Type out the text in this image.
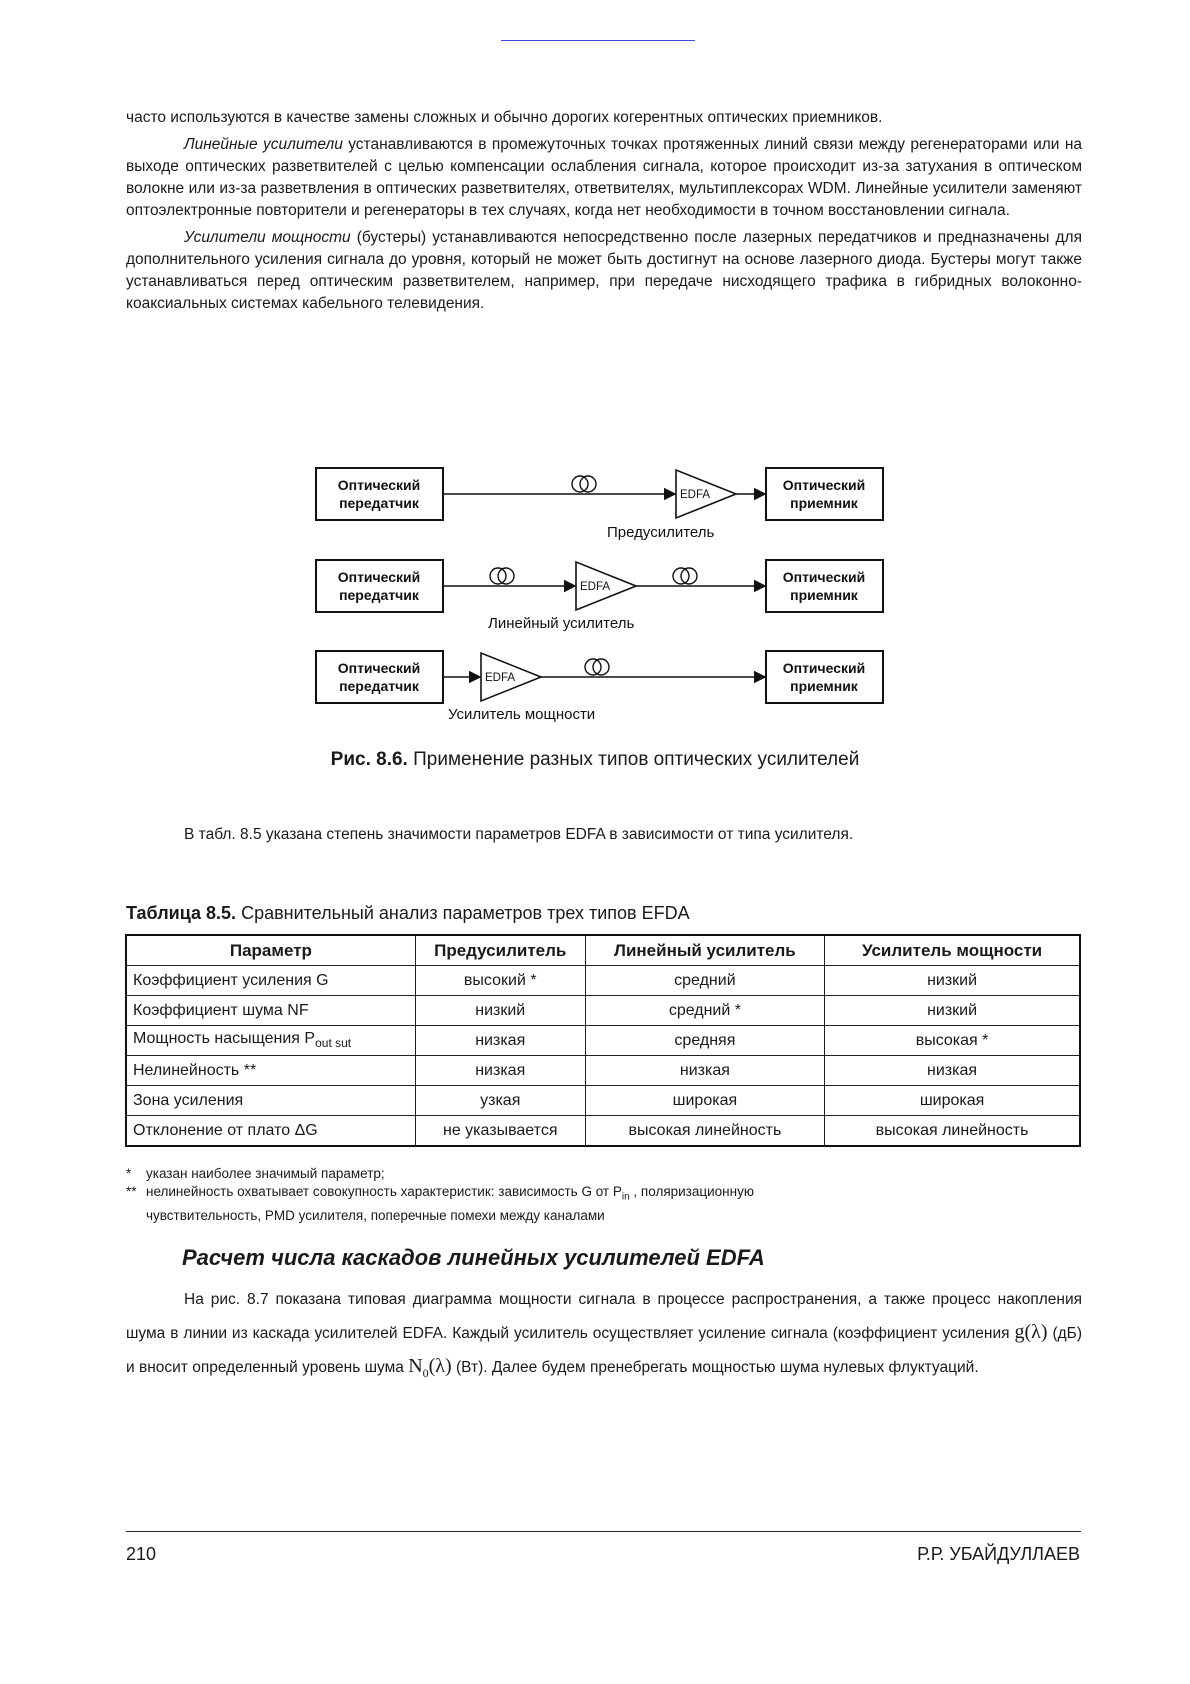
часто используются в качестве замены сложных и обычно дорогих когерентных оптических приемников.

Линейные усилители устанавливаются в промежуточных точках протяженных линий связи между регенераторами или на выходе оптических разветвителей с целью компенсации ослабления сигнала, которое происходит из-за затухания в оптическом волокне или из-за разветвления в оптических разветвителях, ответвителях, мультиплексорах WDM. Линейные усилители заменяют оптоэлектронные повторители и регенераторы в тех случаях, когда нет необходимости в точном восстановлении сигнала.

Усилители мощности (бустеры) устанавливаются непосредственно после лазерных передатчиков и предназначены для дополнительного усиления сигнала до уровня, который не может быть достигнут на основе лазерного диода. Бустеры могут также устанавливаться перед оптическим разветвителем, например, при передаче нисходящего трафика в гибридных волоконно-коаксиальных системах кабельного телевидения.

Оптический
передатчик	EDFA
Оптический
приемник
Предусилитель
Оптический
передатчик	EDFA
Оптический
приемник
Линейный усилитель
Оптический
передатчик	EDFA
Оптический
приемник
Усилитель мощности
Рис. 8.6. Применение разных типов оптических усилителей

В табл. 8.5 указана степень значимости параметров EDFA в зависимости от типа усилителя.

Таблица 8.5. Сравнительный анализ параметров трех типов EFDA
Параметр	Предусилитель	Линейный усилитель	Усилитель мощности
Коэффициент усиления G	высокий *	средний	низкий
Коэффициент шума NF	низкий	средний *	низкий
Мощность насыщения $P_{out sut}$	низкая	средняя	высокая *
Нелинейность **	низкая	низкая	низкая
Зона усиления	узкая	широкая	широкая
Отклонение от плато ΔG	не указывается	высокая линейность	высокая линейность
*	указан наиболее значимый параметр;
** нелинейность охватывает совокупность характеристик: зависимость G от $P_{in}$ , поляризационную
чувствительность, PMD усилителя, поперечные помехи между каналами
Расчет числа каскадов линейных усилителей EDFA

На рис. 8.7 показана типовая диаграмма мощности сигнала в процессе распространения, а также процесс накопления шума в линии из каскада усилителей EDFA. Каждый усилитель осуществляет усиление сигнала (коэффициент усиления g(λ) (дБ) и вносит определенный уровень шума $N_0(\lambda)$ (Вт). Далее будем пренебрегать мощностью шума нулевых флуктуаций.

210	Р.Р. УБАЙДУЛЛАЕВ
